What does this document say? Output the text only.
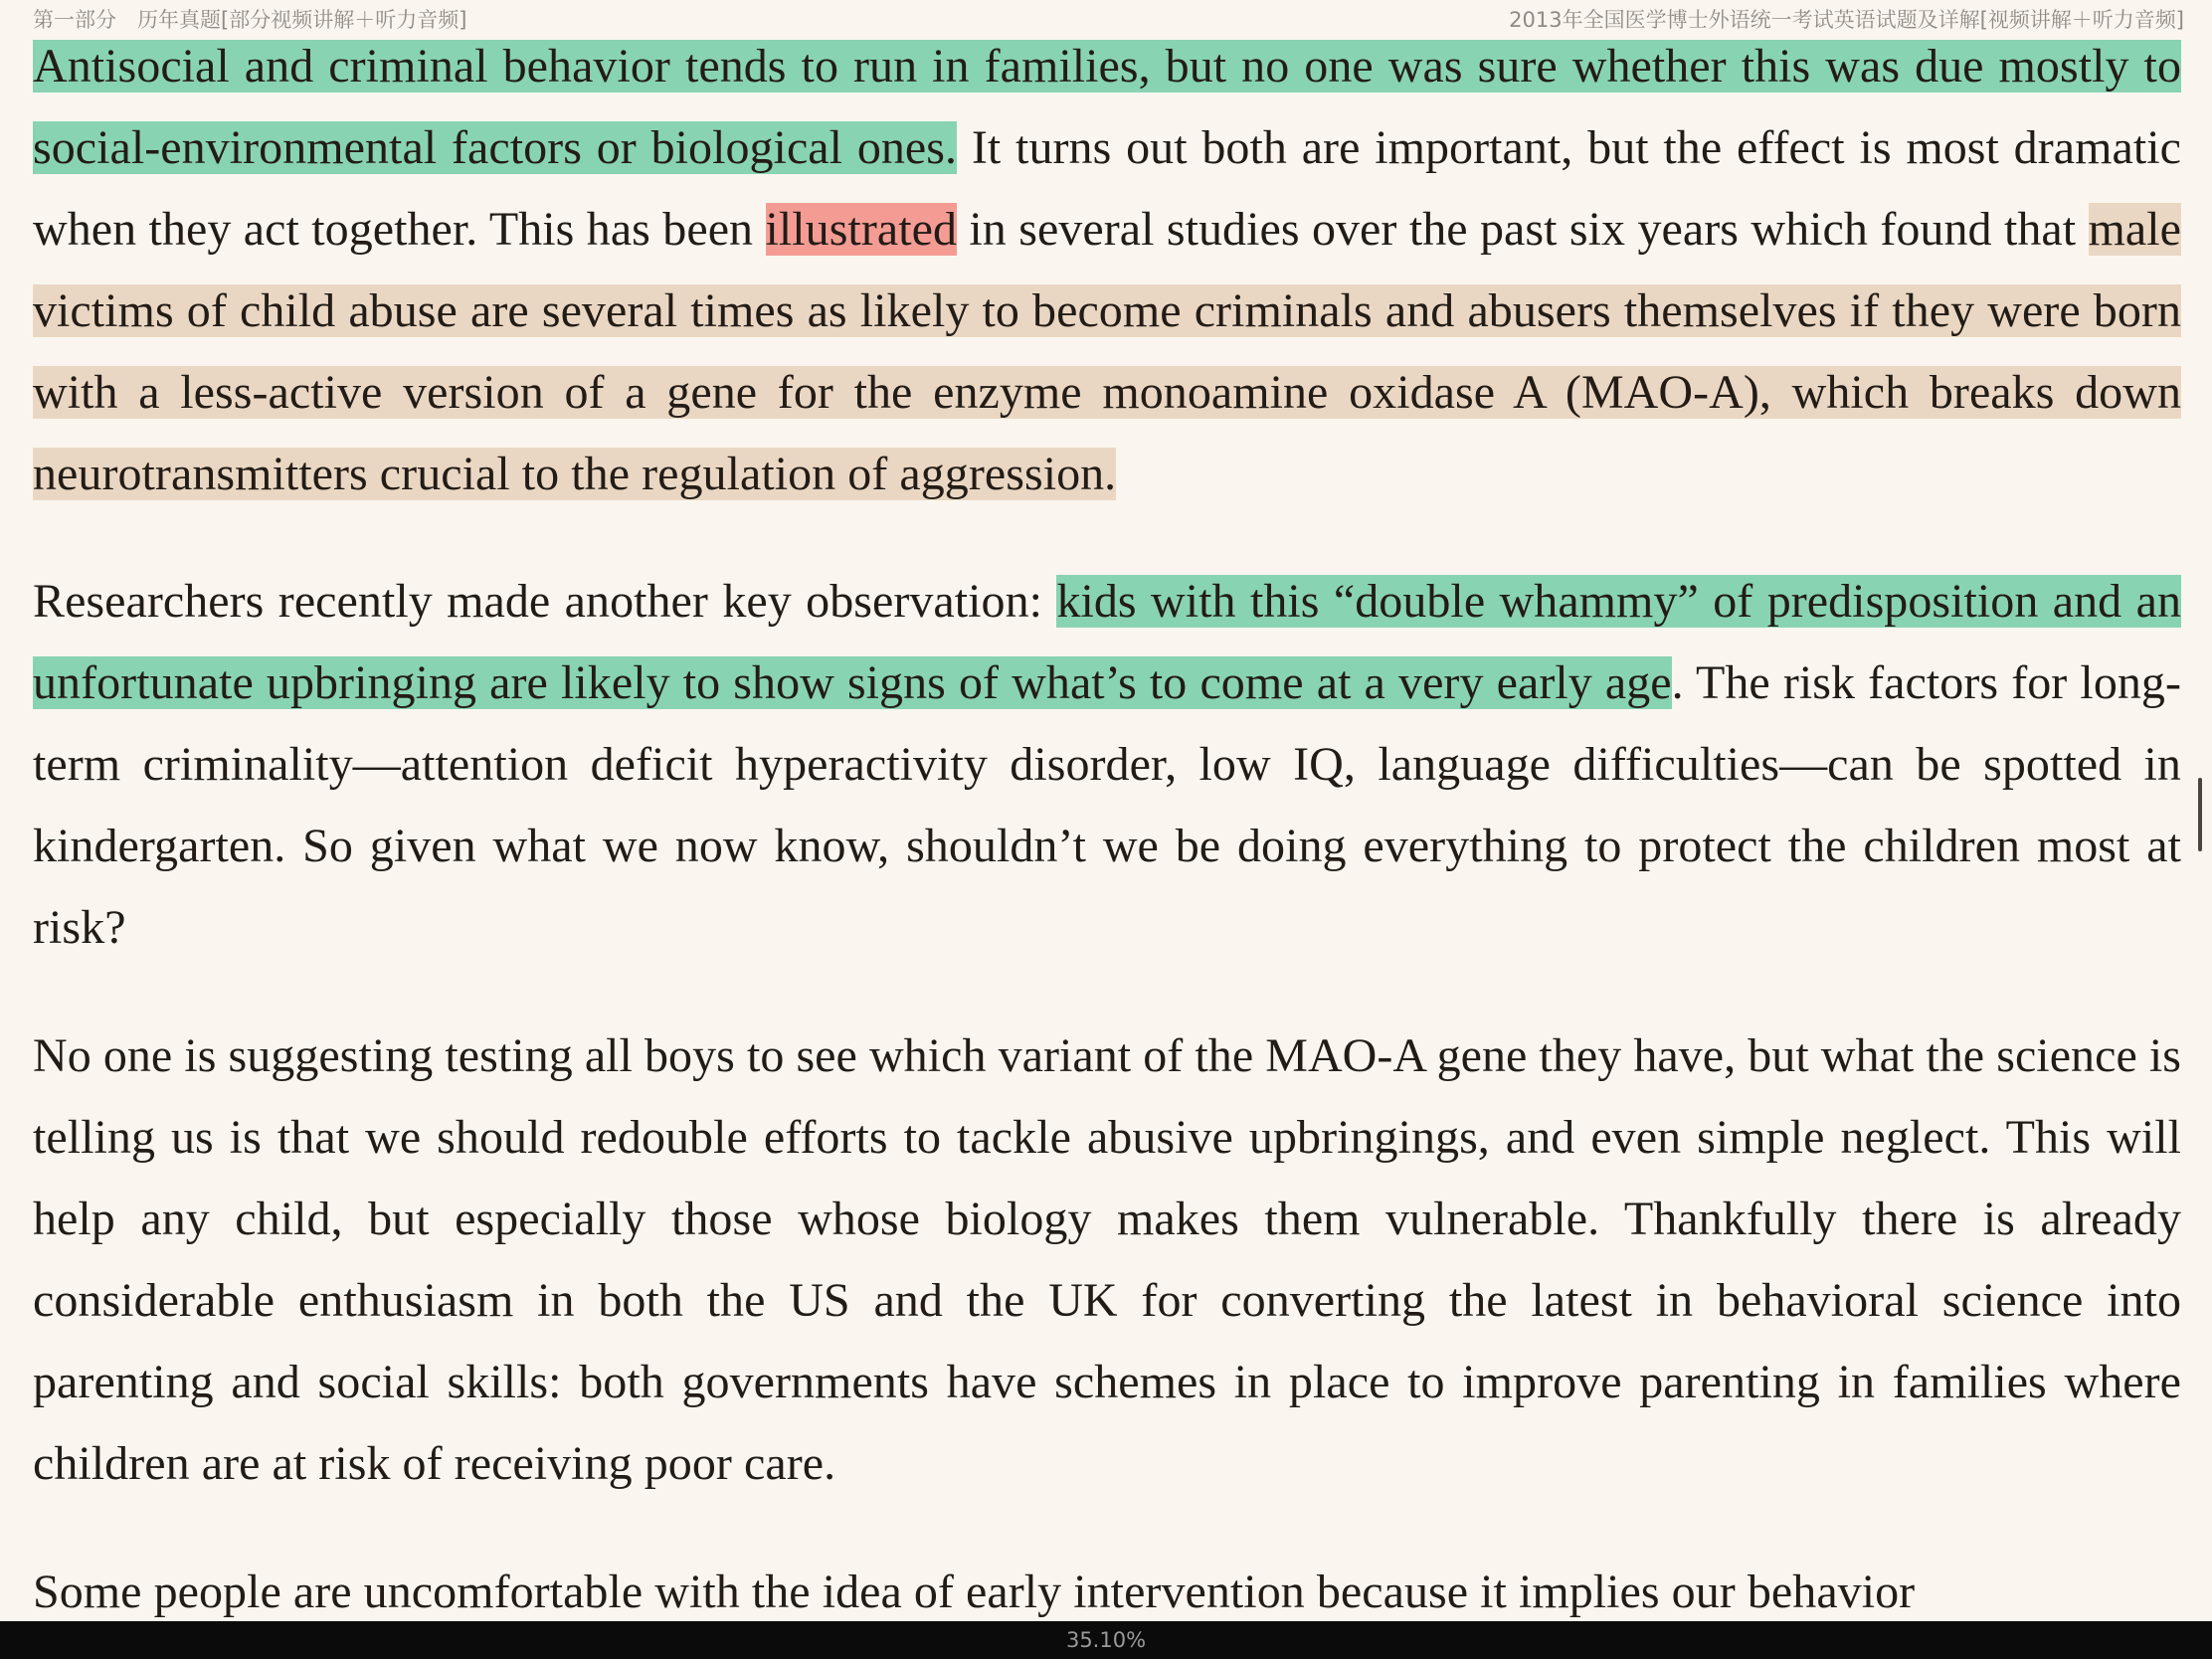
第一部分　历年真题[部分视频讲解＋听力音频]	2013年全国医学博士外语统一考试英语试题及详解[视频讲解＋听力音频]

Antisocial and criminal behavior tends to run in families, but no one was sure whether this was due mostly to social-environmental factors or biological ones. It turns out both are important, but the effect is most dramatic when they act together. This has been illustrated in several studies over the past six years which found that male victims of child abuse are several times as likely to become criminals and abusers themselves if they were born with a less-active version of a gene for the enzyme monoamine oxidase A (MAO-A), which breaks down neurotransmitters crucial to the regulation of aggression.

Researchers recently made another key observation: kids with this “double whammy” of predisposition and an unfortunate upbringing are likely to show signs of what’s to come at a very early age. The risk factors for long-term criminality—attention deficit hyperactivity disorder, low IQ, language difficulties—can be spotted in kindergarten. So given what we now know, shouldn’t we be doing everything to protect the children most at risk?

No one is suggesting testing all boys to see which variant of the MAO-A gene they have, but what the science is telling us is that we should redouble efforts to tackle abusive upbringings, and even simple neglect. This will help any child, but especially those whose biology makes them vulnerable. Thankfully there is already considerable enthusiasm in both the US and the UK for converting the latest in behavioral science into parenting and social skills: both governments have schemes in place to improve parenting in families where children are at risk of receiving poor care.

Some people are uncomfortable with the idea of early intervention because it implies our behavior

35.10%
